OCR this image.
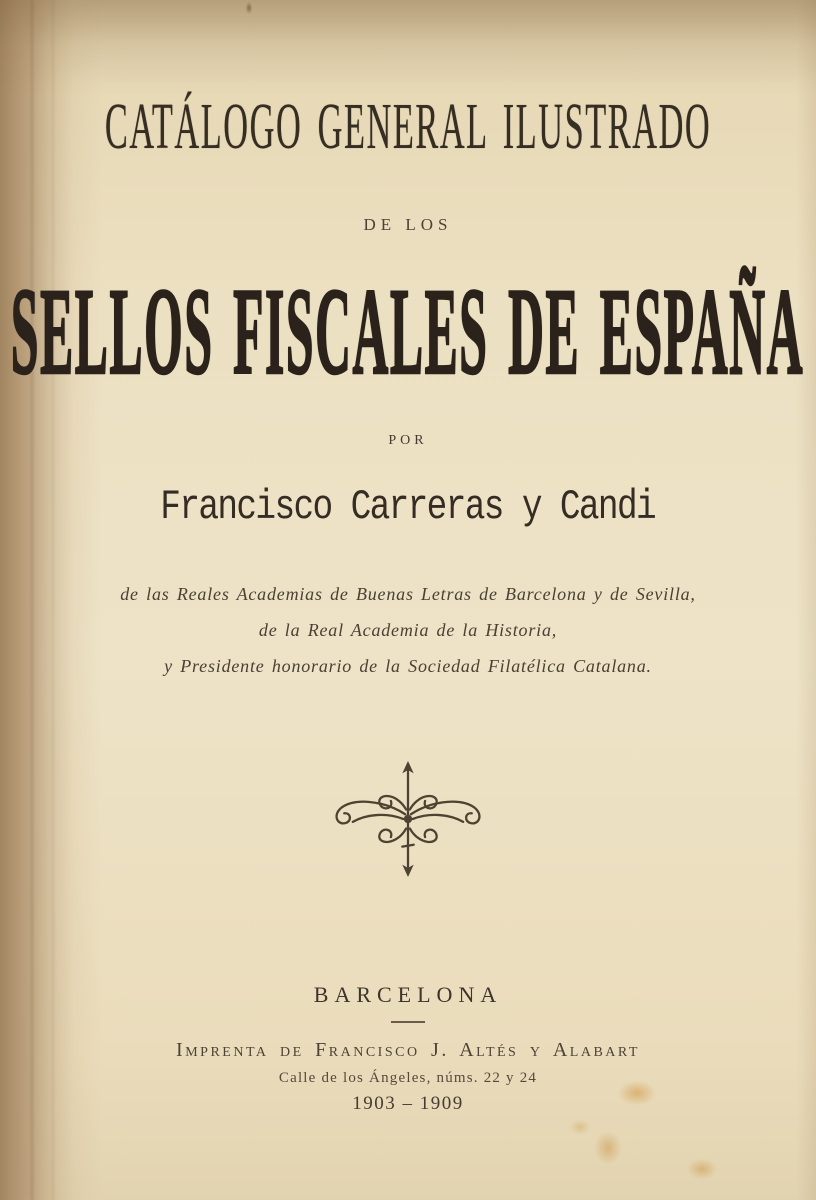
CATÁLOGO GENERAL ILUSTRADO
DE LOS
SELLOS FISCALES DE ESPAÑA
POR
Francisco Carreras y Candi
de las Reales Academias de Buenas Letras de Barcelona y de Sevilla,
de la Real Academia de la Historia,
y Presidente honorario de la Sociedad Filatélica Catalana.
BARCELONA
Imprenta de Francisco J. Altés y Alabart
Calle de los Ángeles, núms. 22 y 24
1903 – 1909
